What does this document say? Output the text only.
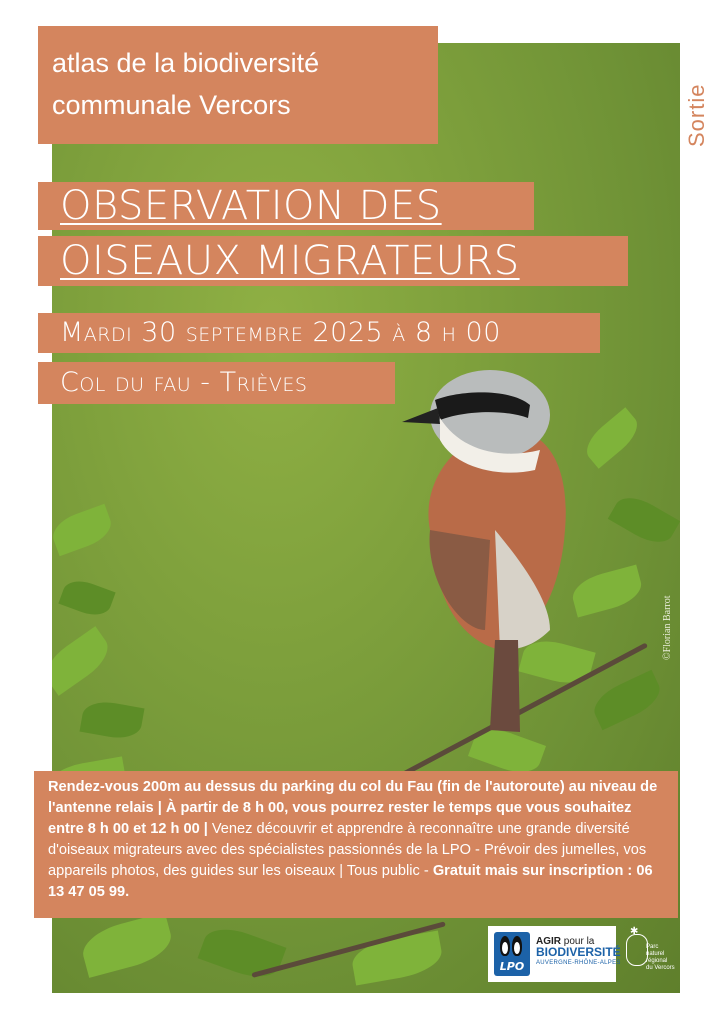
©Florian Barrot
Sortie
atlas de la biodiversité
communale Vercors
OBSERVATION DES
OISEAUX MIGRATEURS
Mardi 30 septembre 2025 à 8 h 00
Col du fau - Trièves
Rendez-vous 200m au dessus du parking du col du Fau (fin de l'autoroute) au niveau de l'antenne relais | À partir de 8 h 00, vous pourrez rester le temps que vous souhaitez entre 8 h 00 et 12 h 00 | Venez découvrir et apprendre à reconnaître une grande diversité d'oiseaux migrateurs avec des spécialistes passionnés de la LPO - Prévoir des jumelles, vos appareils photos, des guides sur les oiseaux | Tous public - Gratuit mais sur inscription : 06 13 47 05 99.
LPO
AGIR pour la
BIODIVERSITÉ
AUVERGNE-RHÔNE-ALPES
✱
Parc
naturel
régional
du Vercors
